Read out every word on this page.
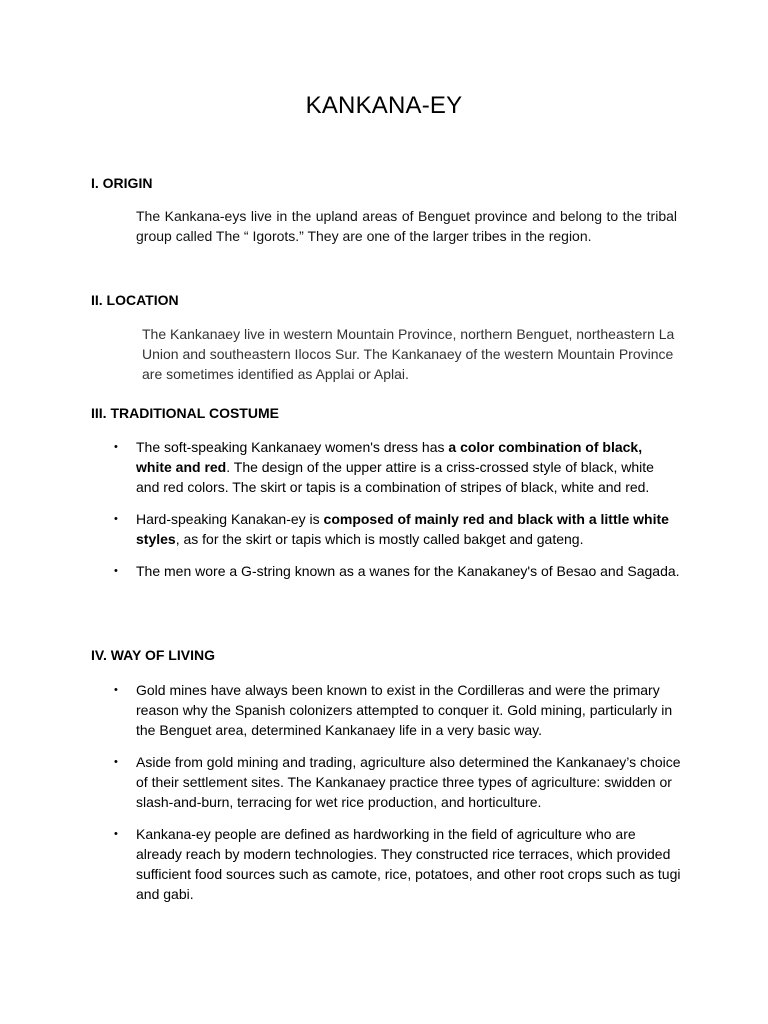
KANKANA-EY
I. ORIGIN

The Kankana-eys live in the upland areas of Benguet province and belong to the tribal group called The “ Igorots.” They are one of the larger tribes in the region.

II. LOCATION

The Kankanaey live in western Mountain Province, northern Benguet, northeastern La Union and southeastern Ilocos Sur. The Kankanaey of the western Mountain Province are sometimes identified as Applai or Aplai.

III. TRADITIONAL COSTUME
• The soft-speaking Kankanaey women's dress has a color combination of black, white and red. The design of the upper attire is a criss-crossed style of black, white and red colors. The skirt or tapis is a combination of stripes of black, white and red.

• Hard-speaking Kanakan-ey is composed of mainly red and black with a little white styles, as for the skirt or tapis which is mostly called bakget and gateng.

• The men wore a G-string known as a wanes for the Kanakaney's of Besao and Sagada.

IV. WAY OF LIVING
• Gold mines have always been known to exist in the Cordilleras and were the primary reason why the Spanish colonizers attempted to conquer it. Gold mining, particularly in the Benguet area, determined Kankanaey life in a very basic way.

• Aside from gold mining and trading, agriculture also determined the Kankanaey’s choice of their settlement sites. The Kankanaey practice three types of agriculture: swidden or slash-and-burn, terracing for wet rice production, and horticulture.

• Kankana-ey people are defined as hardworking in the field of agriculture who are already reach by modern technologies. They constructed rice terraces, which provided sufficient food sources such as camote, rice, potatoes, and other root crops such as tugi and gabi.
